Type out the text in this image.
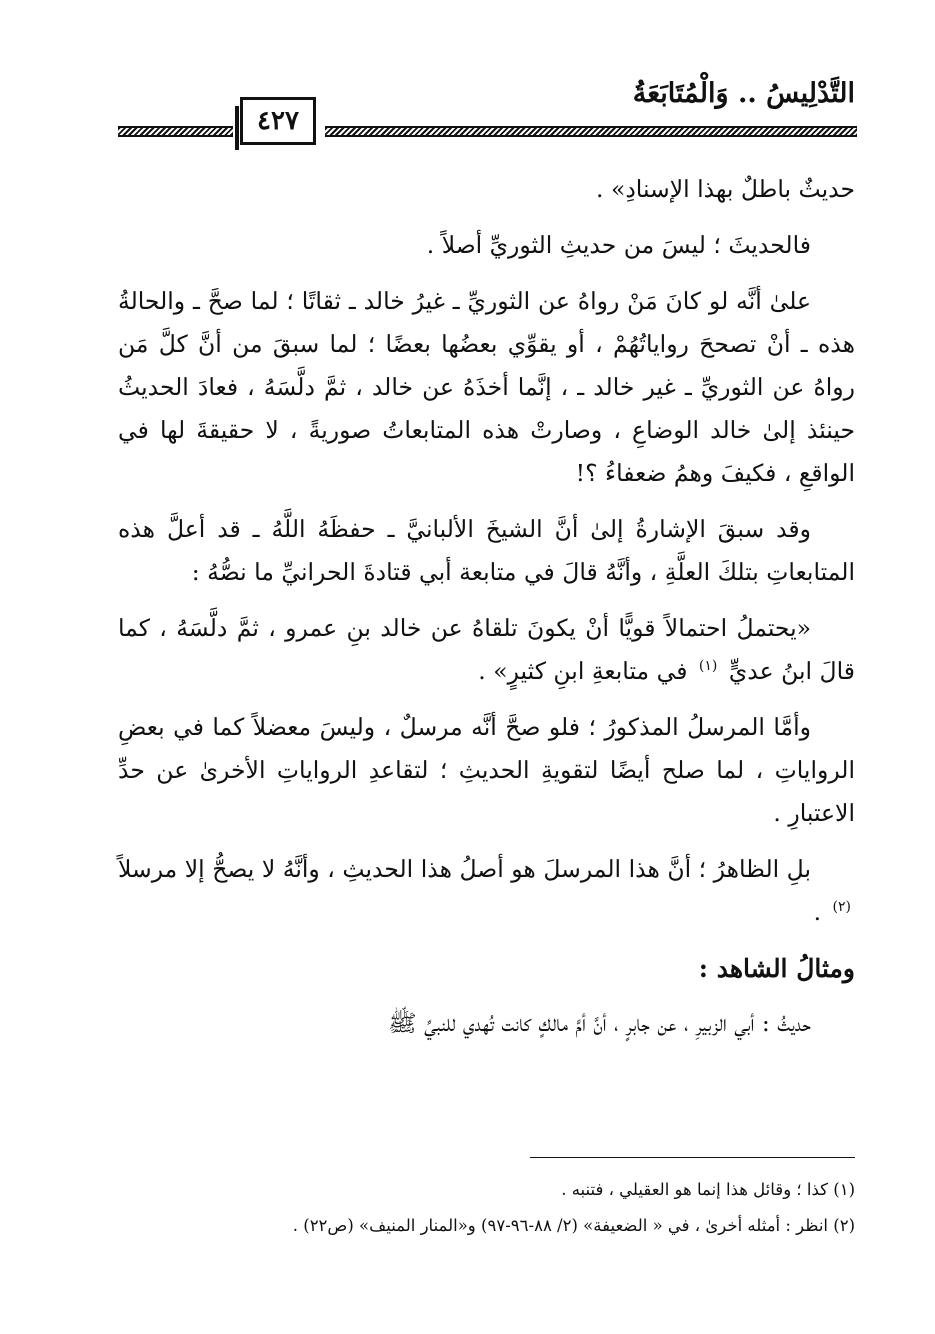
التَّدْلِيسُ .. وَالْمُتَابَعَةُ
٤٢٧

حديثٌ باطلٌ بهذا الإسنادِ» .

فالحديثَ ؛ ليسَ من حديثِ الثوريِّ أصلاً .

علىٰ أنَّه لو كانَ مَنْ رواهُ عن الثوريِّ ـ غيرُ خالد ـ ثقاتًا ؛ لما صحَّ ـ والحالةُ هذه ـ أنْ تصححَ رواياتُهُمْ ، أو يقوِّي بعضُها بعضًا ؛ لما سبقَ من أنَّ كلَّ مَن رواهُ عن الثوريِّ ـ غير خالد ـ ، إنَّما أخذَهُ عن خالد ، ثمَّ دلَّسَهُ ، فعادَ الحديثُ حينئذ إلىٰ خالد الوضاعِ ، وصارتْ هذه المتابعاتُ صوريةً ، لا حقيقةَ لها في الواقعِ ، فكيفَ وهمُ ضعفاءُ ؟!

وقد سبقَ الإشارةُ إلىٰ أنَّ الشيخَ الألبانيَّ ـ حفظَهُ اللَّهُ ـ قد أعلَّ هذه المتابعاتِ بتلكَ العلَّةِ ، وأنَّهُ قالَ في متابعة أبي قتادةَ الحرانيِّ ما نصُّهُ :

«يحتملُ احتمالاً قويًّا أنْ يكونَ تلقاهُ عن خالد بنِ عمرو ، ثمَّ دلَّسَهُ ، كما قالَ ابنُ عديٍّ $^{(١)}$ في متابعةِ ابنِ كثيرٍ» .

وأمَّا المرسلُ المذكورُ ؛ فلو صحَّ أنَّه مرسلٌ ، وليسَ معضلاً كما في بعضِ الرواياتِ ، لما صلح أيضًا لتقويةِ الحديثِ ؛ لتقاعدِ الرواياتِ الأخرىٰ عن حدِّ الاعتبارِ .

بلِ الظاهرُ ؛ أنَّ هذا المرسلَ هو أصلُ هذا الحديثِ ، وأنَّهُ لا يصحُّ إلا مرسلاً $^{(٢)}$ .

ومثالُ الشاهد :

حديثُ : أبي الزبيرِ ، عن جابرٍ ، أنَّ أمَّ مالكٍ كانت تُهدي للنبيِّ ﷺ

(١) كذا ؛ وقائل هذا إنما هو العقيلي ، فتنبه .

(٢) انظر : أمثله أخرىٰ ، في « الضعيفة» (٢/ ٨٨-٩٦-٩٧) و«المنار المنيف» (ص٢٢) .
